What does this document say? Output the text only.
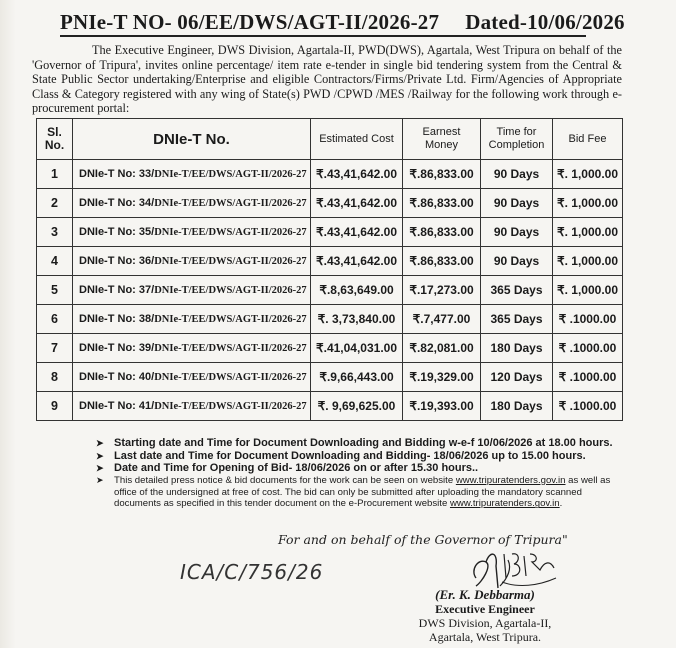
PNIe-T NO- 06/EE/DWS/AGT-II/2026-27 Dated-10/06/2026
The Executive Engineer, DWS Division, Agartala-II, PWD(DWS), Agartala, West Tripura on behalf of the 'Governor of Tripura', invites online percentage/ item rate e-tender in single bid tendering system from the Central & State Public Sector undertaking/Enterprise and eligible Contractors/Firms/Private Ltd. Firm/Agencies of Appropriate Class & Category registered with any wing of State(s) PWD /CPWD /MES /Railway for the following work through e-procurement portal:
Sl. No.	DNIe-T No.	Estimated Cost	Earnest Money	Time for Completion	Bid Fee
1	DNIe-T No: 33/DNIe-T/EE/DWS/AGT-II/2026-27	₹.43,41,642.00	₹.86,833.00	90 Days	₹. 1,000.00
2	DNIe-T No: 34/DNIe-T/EE/DWS/AGT-II/2026-27	₹.43,41,642.00	₹.86,833.00	90 Days	₹. 1,000.00
3	DNIe-T No: 35/DNIe-T/EE/DWS/AGT-II/2026-27	₹.43,41,642.00	₹.86,833.00	90 Days	₹. 1,000.00
4	DNIe-T No: 36/DNIe-T/EE/DWS/AGT-II/2026-27	₹.43,41,642.00	₹.86,833.00	90 Days	₹. 1,000.00
5	DNIe-T No: 37/DNIe-T/EE/DWS/AGT-II/2026-27	₹.8,63,649.00	₹.17,273.00	365 Days	₹. 1,000.00
6	DNIe-T No: 38/DNIe-T/EE/DWS/AGT-II/2026-27	₹. 3,73,840.00	₹.7,477.00	365 Days	₹ .1000.00
7	DNIe-T No: 39/DNIe-T/EE/DWS/AGT-II/2026-27	₹.41,04,031.00	₹.82,081.00	180 Days	₹ .1000.00
8	DNIe-T No: 40/DNIe-T/EE/DWS/AGT-II/2026-27	₹.9,66,443.00	₹.19,329.00	120 Days	₹ .1000.00
9	DNIe-T No: 41/DNIe-T/EE/DWS/AGT-II/2026-27	₹. 9,69,625.00	₹.19,393.00	180 Days	₹ .1000.00
➤ Starting date and Time for Document Downloading and Bidding w-e-f 10/06/2026 at 18.00 hours.
➤ Last date and Time for Document Downloading and Bidding- 18/06/2026 up to 15.00 hours.
➤ Date and Time for Opening of Bid- 18/06/2026 on or after 15.30 hours..
➤ This detailed press notice & bid documents for the work can be seen on website www.tripuratenders.gov.in as well as office of the undersigned at free of cost. The bid can only be submitted after uploading the mandatory scanned documents as specified in this tender document on the e-Procurement website www.tripuratenders.gov.in.
For and on behalf of the Governor of Tripura"
ICA/C/756/26
(Er. K. Debbarma)
Executive Engineer
DWS Division, Agartala-II,
Agartala, West Tripura.
